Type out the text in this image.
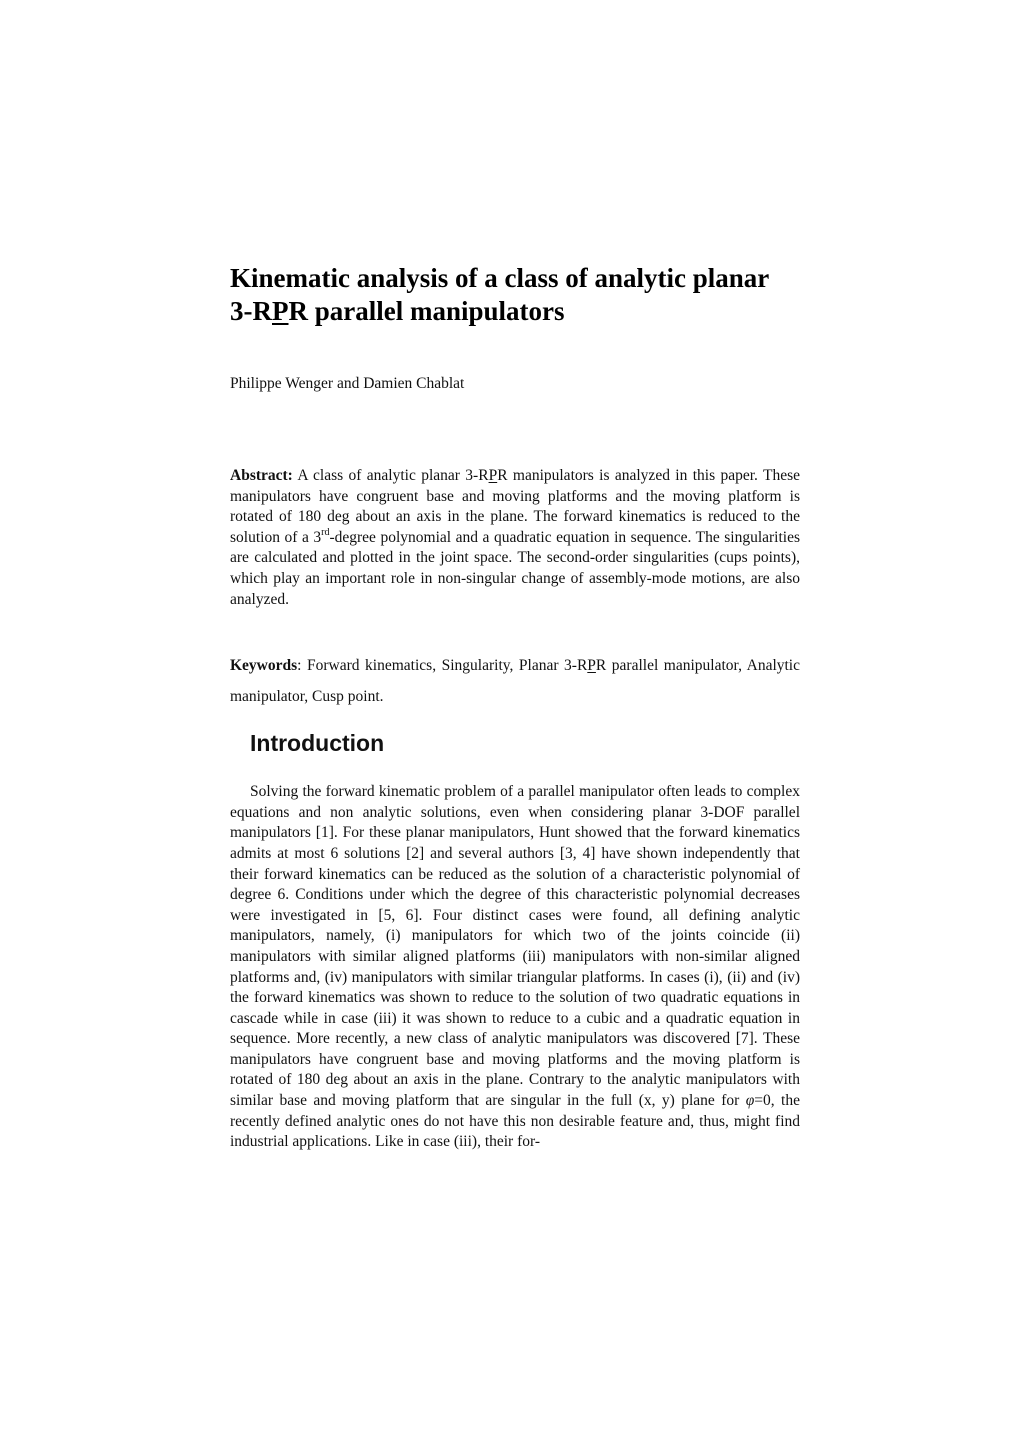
Kinematic analysis of a class of analytic planar
3-RPR parallel manipulators
Philippe Wenger and Damien Chablat
Abstract: A class of analytic planar 3-RPR manipulators is analyzed in this paper. These manipulators have congruent base and moving platforms and the moving platform is rotated of 180 deg about an axis in the plane. The forward kinematics is reduced to the solution of a 3rd-degree polynomial and a quadratic equation in sequence. The singularities are calculated and plotted in the joint space. The second-order singularities (cups points), which play an important role in non-singular change of assembly-mode motions, are also analyzed.
Keywords: Forward kinematics, Singularity, Planar 3-RPR parallel manipulator, Analytic manipulator, Cusp point.
Introduction

Solving the forward kinematic problem of a parallel manipulator often leads to complex equations and non analytic solutions, even when considering planar 3-DOF parallel manipulators [1]. For these planar manipulators, Hunt showed that the forward kinematics admits at most 6 solutions [2] and several authors [3, 4] have shown independently that their forward kinematics can be reduced as the solution of a characteristic polynomial of degree 6. Conditions under which the degree of this characteristic polynomial decreases were investigated in [5, 6]. Four distinct cases were found, all defining analytic manipulators, namely, (i) manipulators for which two of the joints coincide (ii) manipulators with similar aligned platforms (iii) manipulators with non-similar aligned platforms and, (iv) manipulators with similar triangular platforms. In cases (i), (ii) and (iv) the forward kinematics was shown to reduce to the solution of two quadratic equations in cascade while in case (iii) it was shown to reduce to a cubic and a quadratic equation in sequence. More recently, a new class of analytic manipulators was discovered [7]. These manipulators have congruent base and moving platforms and the moving platform is rotated of 180 deg about an axis in the plane. Contrary to the analytic manipulators with similar base and moving platform that are singular in the full (x, y) plane for φ=0, the recently defined analytic ones do not have this non desirable feature and, thus, might find industrial applications. Like in case (iii), their for-
